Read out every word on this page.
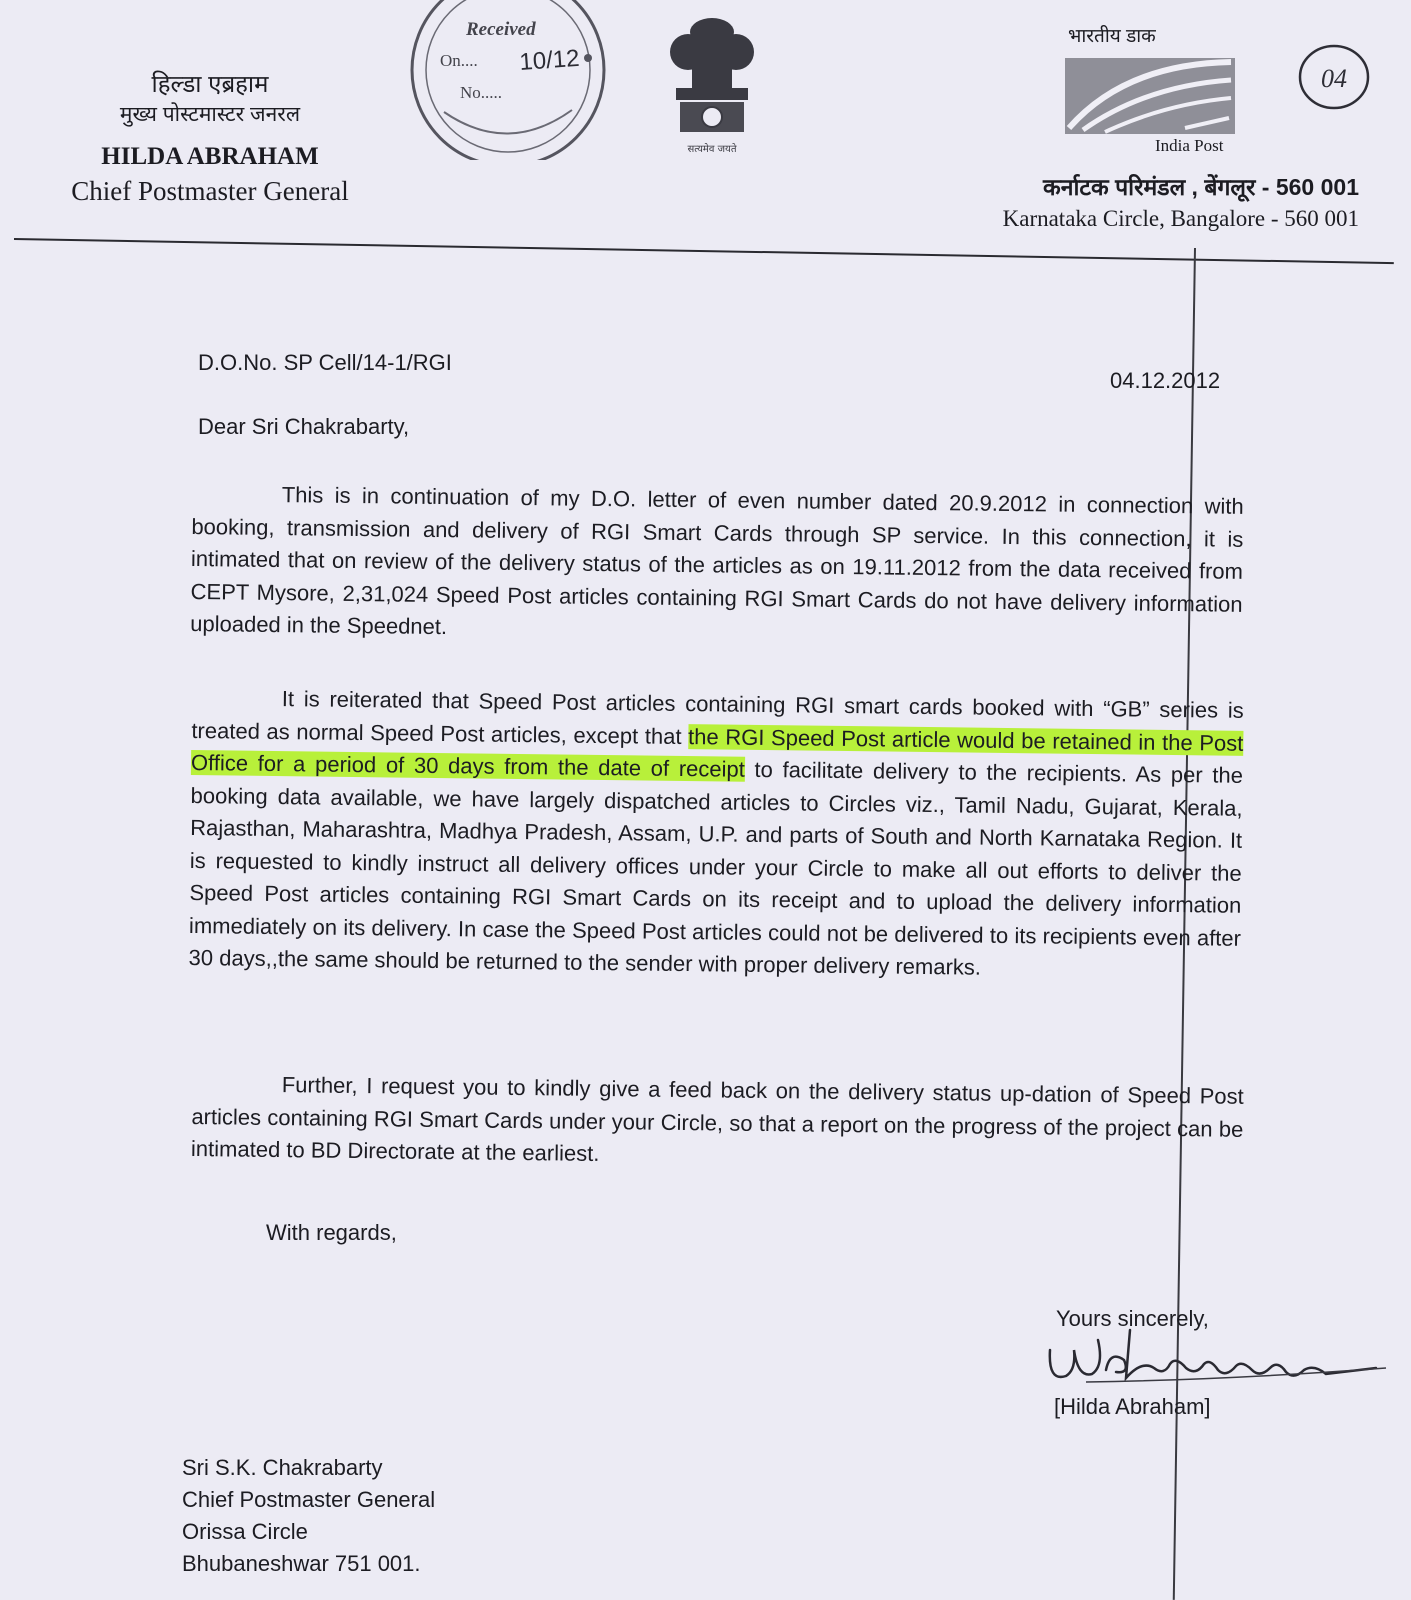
हिल्डा एब्रहाम
मुख्य पोस्टमास्टर जनरल
HILDA ABRAHAM
Chief Postmaster General
Received
On.... 10/12
No.....
सत्यमेव जयते
भारतीय डाक
India Post
04
कर्नाटक परिमंडल , बेंगलूर - 560 001
Karnataka Circle, Bangalore - 560 001
D.O.No. SP Cell/14-1/RGI
04.12.2012
Dear Sri Chakrabarty,
This is in continuation of my D.O. letter of even number dated 20.9.2012 in connection with booking, transmission and delivery of RGI Smart Cards through SP service. In this connection, it is intimated that on review of the delivery status of the articles as on 19.11.2012 from the data received from CEPT Mysore, 2,31,024 Speed Post articles containing RGI Smart Cards do not have delivery information uploaded in the Speednet.
It is reiterated that Speed Post articles containing RGI smart cards booked with “GB” series is treated as normal Speed Post articles, except that the RGI Speed Post article would be retained in the Post Office for a period of 30 days from the date of receipt to facilitate delivery to the recipients. As per the booking data available, we have largely dispatched articles to Circles viz., Tamil Nadu, Gujarat, Kerala, Rajasthan, Maharashtra, Madhya Pradesh, Assam, U.P. and parts of South and North Karnataka Region. It is requested to kindly instruct all delivery offices under your Circle to make all out efforts to deliver the Speed Post articles containing RGI Smart Cards on its receipt and to upload the delivery information immediately on its delivery. In case the Speed Post articles could not be delivered to its recipients even after 30 days,,the same should be returned to the sender with proper delivery remarks.
Further, I request you to kindly give a feed back on the delivery status up-dation of Speed Post articles containing RGI Smart Cards under your Circle, so that a report on the progress of the project can be intimated to BD Directorate at the earliest.
With regards,
Yours sincerely,
[Hilda Abraham]
Sri S.K. Chakrabarty
Chief Postmaster General
Orissa Circle
Bhubaneshwar 751 001.
